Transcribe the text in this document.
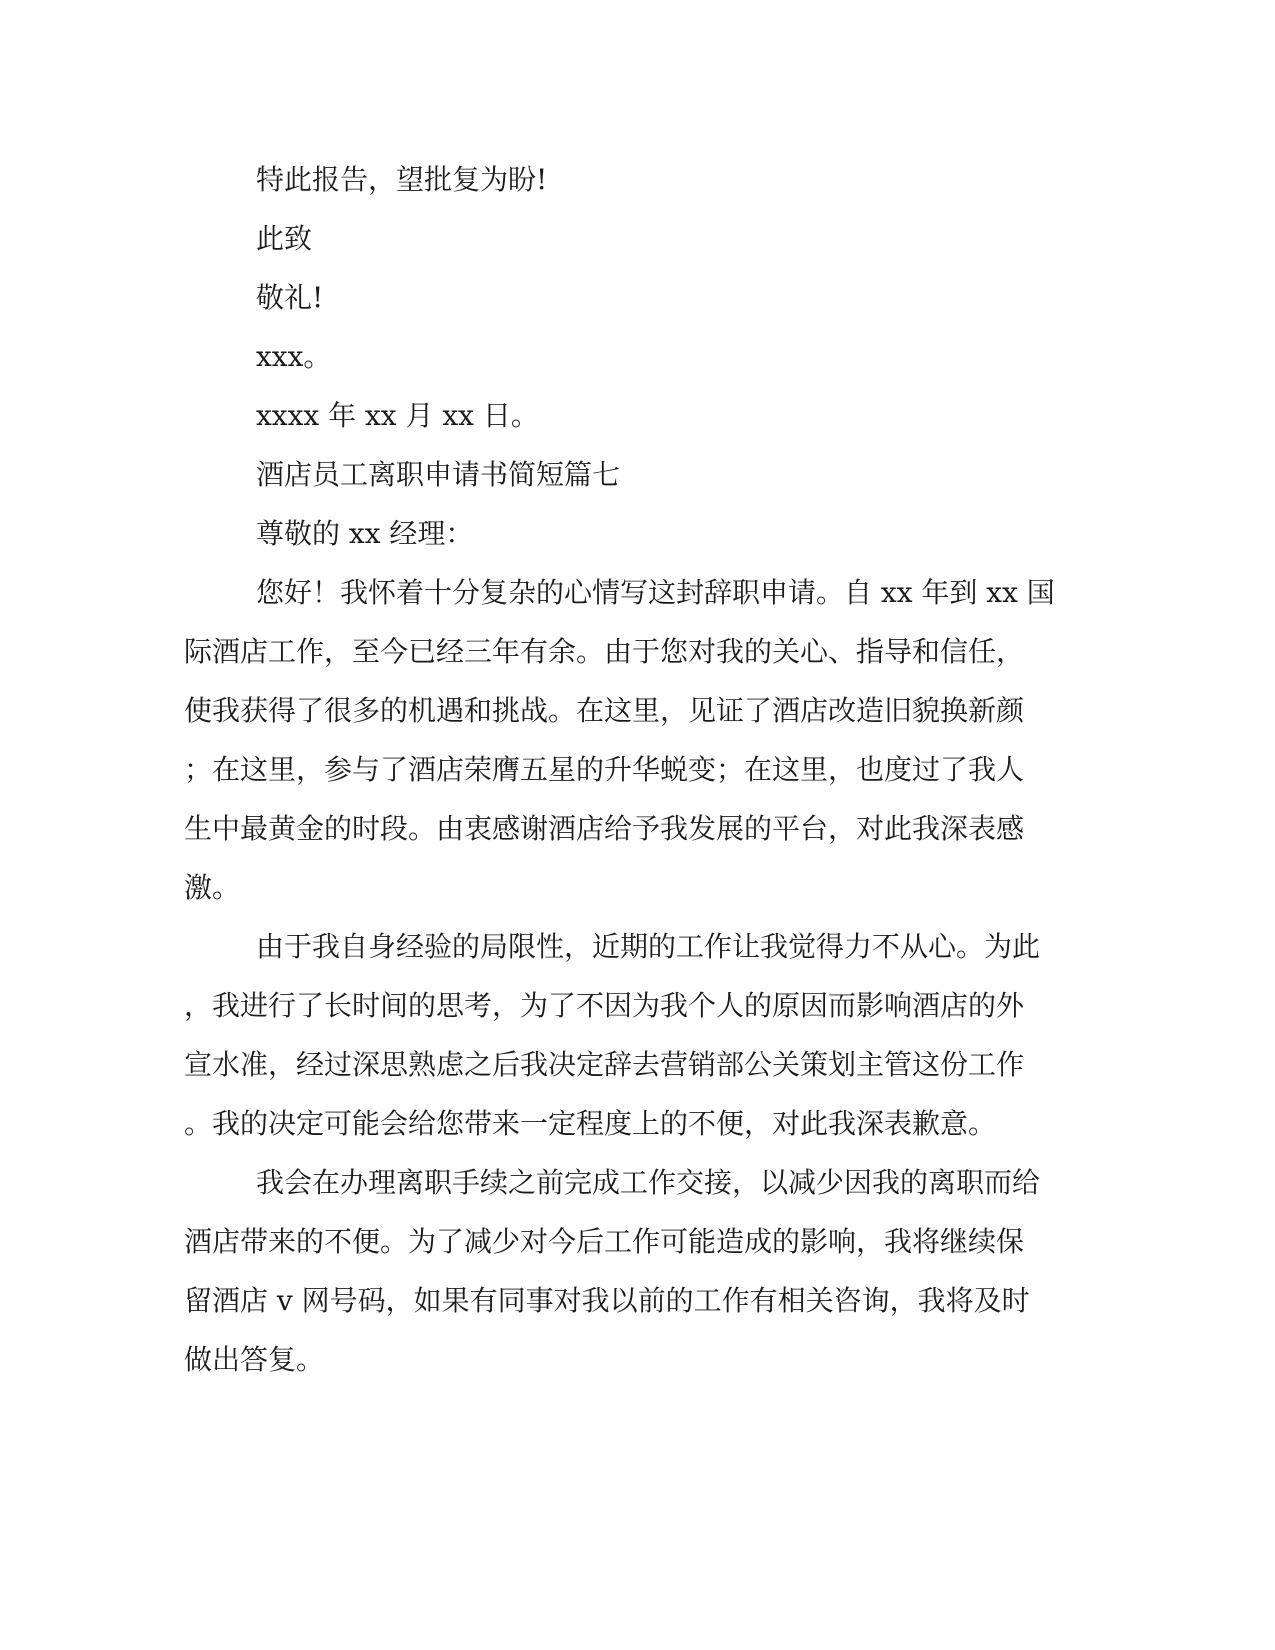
特此报告，望批复为盼!
此致
敬礼!
xxx。
xxxx 年 xx 月 xx 日。
酒店员工离职申请书简短篇七
尊敬的 xx 经理：
您好！我怀着十分复杂的心情写这封辞职申请。自 xx 年到 xx 国
际酒店工作，至今已经三年有余。由于您对我的关心、指导和信任，
使我获得了很多的机遇和挑战。在这里，见证了酒店改造旧貌换新颜
；在这里，参与了酒店荣膺五星的升华蜕变；在这里，也度过了我人
生中最黄金的时段。由衷感谢酒店给予我发展的平台，对此我深表感
激。
由于我自身经验的局限性，近期的工作让我觉得力不从心。为此
，我进行了长时间的思考，为了不因为我个人的原因而影响酒店的外
宣水准，经过深思熟虑之后我决定辞去营销部公关策划主管这份工作
。我的决定可能会给您带来一定程度上的不便，对此我深表歉意。
我会在办理离职手续之前完成工作交接，以减少因我的离职而给
酒店带来的不便。为了减少对今后工作可能造成的影响，我将继续保
留酒店 v 网号码，如果有同事对我以前的工作有相关咨询，我将及时
做出答复。
